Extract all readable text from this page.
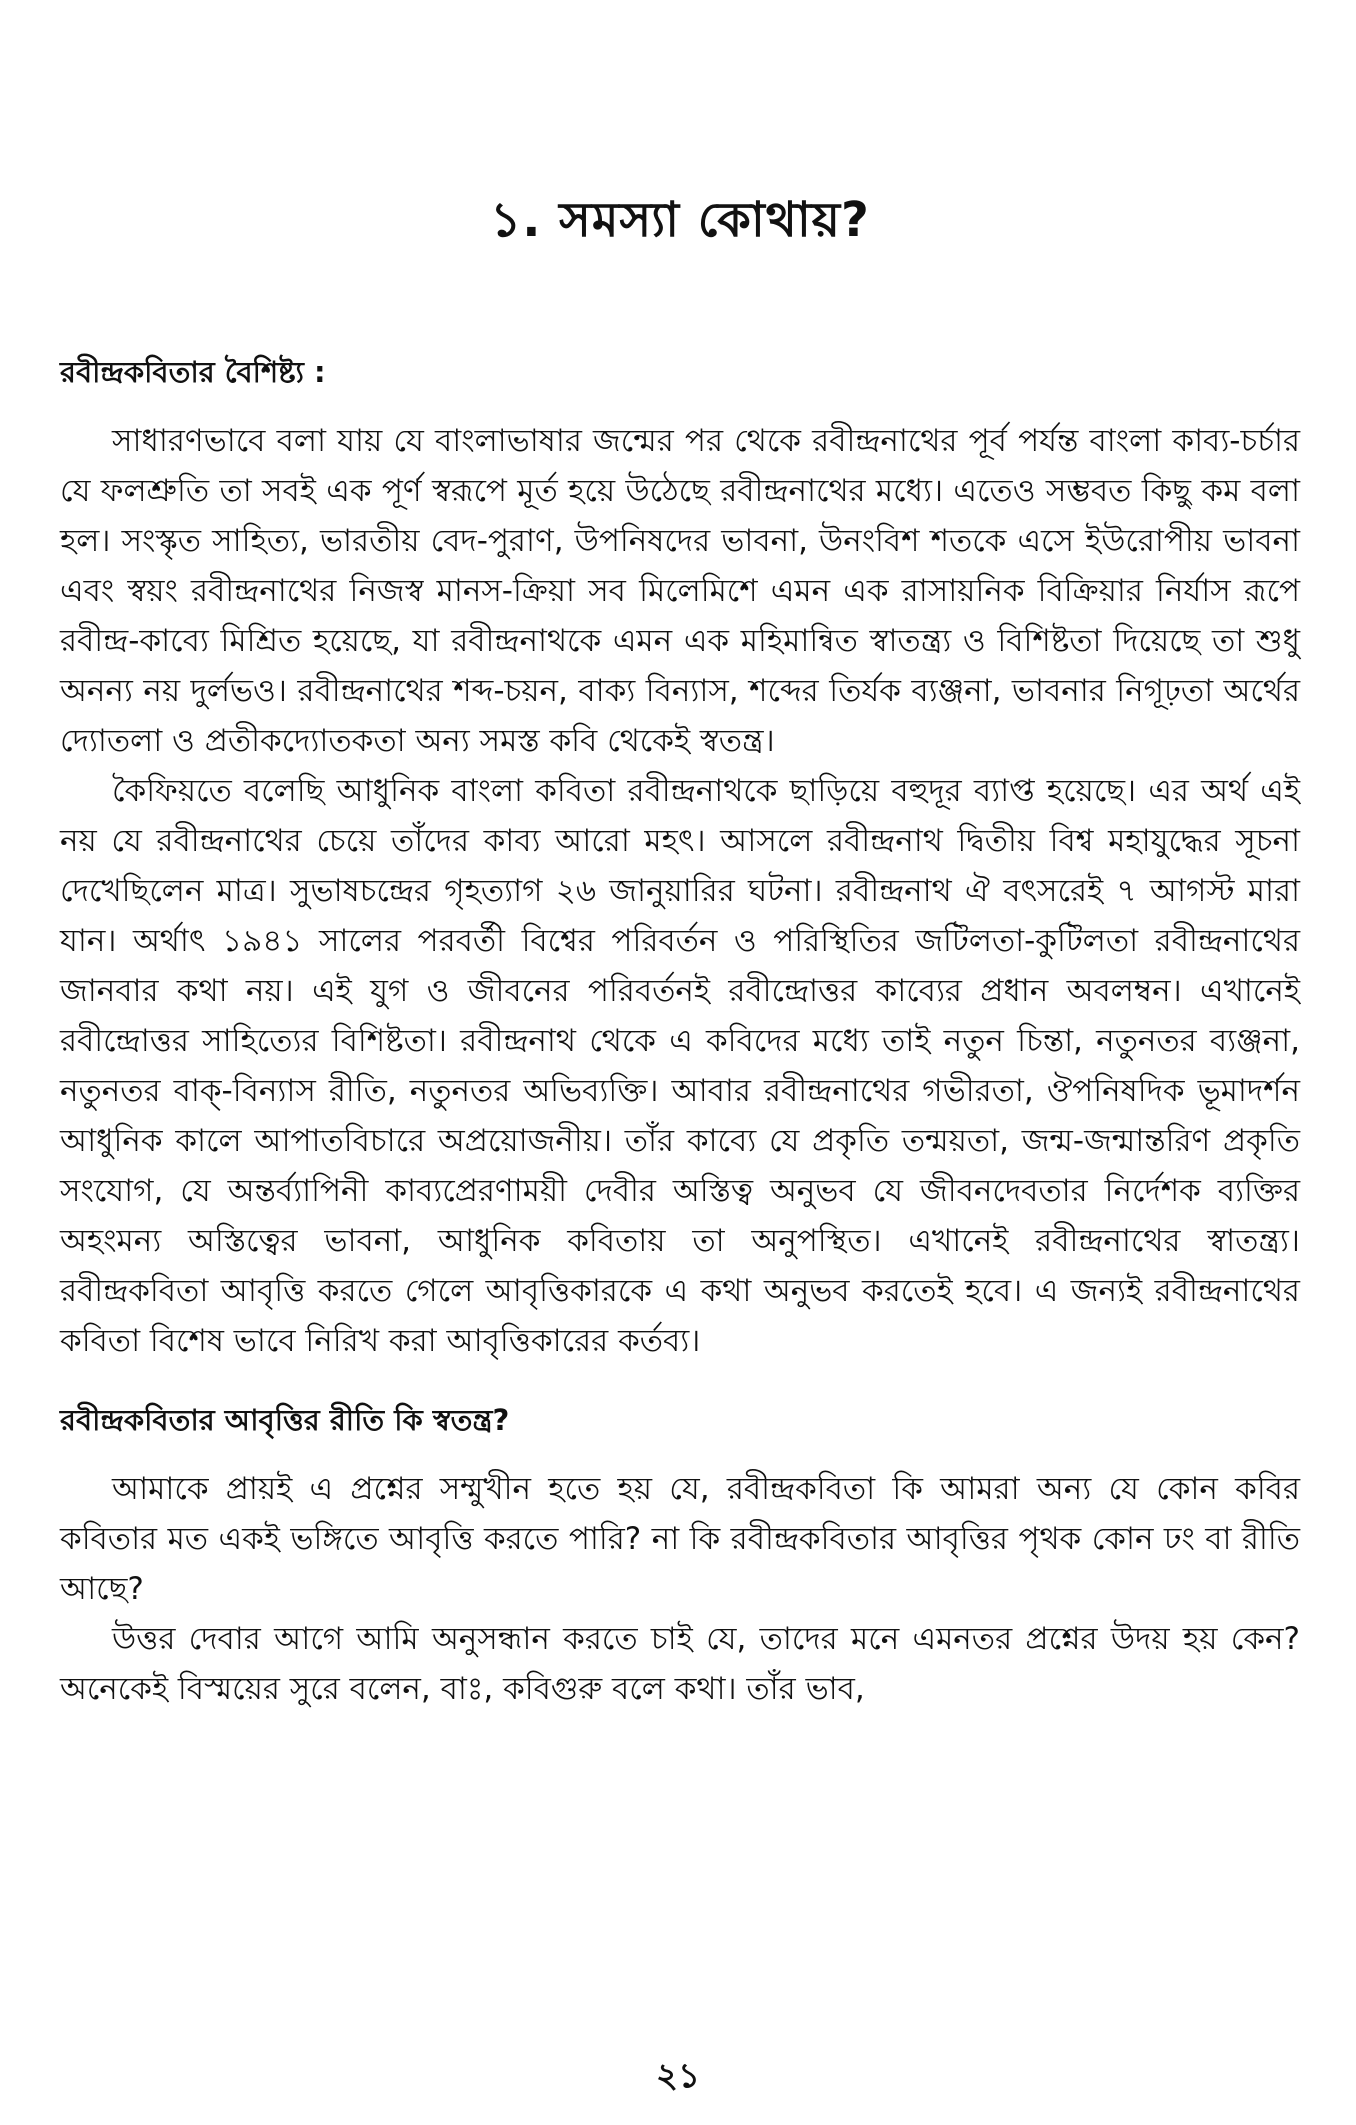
১. সমস্যা কোথায়?
রবীন্দ্রকবিতার বৈশিষ্ট্য :

সাধারণভাবে বলা যায় যে বাংলাভাষার জন্মের পর থেকে রবীন্দ্রনাথের পূর্ব পর্যন্ত বাংলা কাব্য-চর্চার যে ফলশ্রুতি তা সবই এক পূর্ণ স্বরূপে মূর্ত হয়ে উঠেছে রবীন্দ্রনাথের মধ্যে। এতেও সম্ভবত কিছু কম বলা হল। সংস্কৃত সাহিত্য, ভারতীয় বেদ-পুরাণ, উপনিষদের ভাবনা, উনংবিশ শতকে এসে ইউরোপীয় ভাবনা এবং স্বয়ং রবীন্দ্রনাথের নিজস্ব মানস-ক্রিয়া সব মিলেমিশে এমন এক রাসায়নিক বিক্রিয়ার নির্যাস রূপে রবীন্দ্র-কাব্যে মিশ্রিত হয়েছে, যা রবীন্দ্রনাথকে এমন এক মহিমান্বিত স্বাতন্ত্র্য ও বিশিষ্টতা দিয়েছে তা শুধু অনন্য নয় দুর্লভও। রবীন্দ্রনাথের শব্দ-চয়ন, বাক্য বিন্যাস, শব্দের তির্যক ব্যঞ্জনা, ভাবনার নিগূঢ়তা অর্থের দ্যোতলা ও প্রতীকদ্যোতকতা অন্য সমস্ত কবি থেকেই স্বতন্ত্র।

কৈফিয়তে বলেছি আধুনিক বাংলা কবিতা রবীন্দ্রনাথকে ছাড়িয়ে বহুদূর ব্যাপ্ত হয়েছে। এর অর্থ এই নয় যে রবীন্দ্রনাথের চেয়ে তাঁদের কাব্য আরো মহৎ। আসলে রবীন্দ্রনাথ দ্বিতীয় বিশ্ব মহাযুদ্ধের সূচনা দেখেছিলেন মাত্র। সুভাষচন্দ্রের গৃহত্যাগ ২৬ জানুয়ারির ঘটনা। রবীন্দ্রনাথ ঐ বৎসরেই ৭ আগস্ট মারা যান। অর্থাৎ ১৯৪১ সালের পরবর্তী বিশ্বের পরিবর্তন ও পরিস্থিতির জটিলতা-কুটিলতা রবীন্দ্রনাথের জানবার কথা নয়। এই যুগ ও জীবনের পরিবর্তনই রবীন্দ্রোত্তর কাব্যের প্রধান অবলম্বন। এখানেই রবীন্দ্রোত্তর সাহিত্যের বিশিষ্টতা। রবীন্দ্রনাথ থেকে এ কবিদের মধ্যে তাই নতুন চিন্তা, নতুনতর ব্যঞ্জনা, নতুনতর বাক্-বিন্যাস রীতি, নতুনতর অভিব্যক্তি। আবার রবীন্দ্রনাথের গভীরতা, ঔপনিষদিক ভূমাদর্শন আধুনিক কালে আপাতবিচারে অপ্রয়োজনীয়। তাঁর কাব্যে যে প্রকৃতি তন্ময়তা, জন্ম-জন্মান্তরিণ প্রকৃতি সংযোগ, যে অন্তর্ব্যাপিনী কাব্যপ্রেরণাময়ী দেবীর অস্তিত্ব অনুভব যে জীবনদেবতার নির্দেশক ব্যক্তির অহংমন্য অস্তিত্বের ভাবনা, আধুনিক কবিতায় তা অনুপস্থিত। এখানেই রবীন্দ্রনাথের স্বাতন্ত্র্য। রবীন্দ্রকবিতা আবৃত্তি করতে গেলে আবৃত্তিকারকে এ কথা অনুভব করতেই হবে। এ জন্যই রবীন্দ্রনাথের কবিতা বিশেষ ভাবে নিরিখ করা আবৃত্তিকারের কর্তব্য।

রবীন্দ্রকবিতার আবৃত্তির রীতি কি স্বতন্ত্র?

আমাকে প্রায়ই এ প্রশ্নের সম্মুখীন হতে হয় যে, রবীন্দ্রকবিতা কি আমরা অন্য যে কোন কবির কবিতার মত একই ভঙ্গিতে আবৃত্তি করতে পারি? না কি রবীন্দ্রকবিতার আবৃত্তির পৃথক কোন ঢং বা রীতি আছে?

উত্তর দেবার আগে আমি অনুসন্ধান করতে চাই যে, তাদের মনে এমনতর প্রশ্নের উদয় হয় কেন? অনেকেই বিস্ময়ের সুরে বলেন, বাঃ, কবিগুরু বলে কথা। তাঁর ভাব,

২১
